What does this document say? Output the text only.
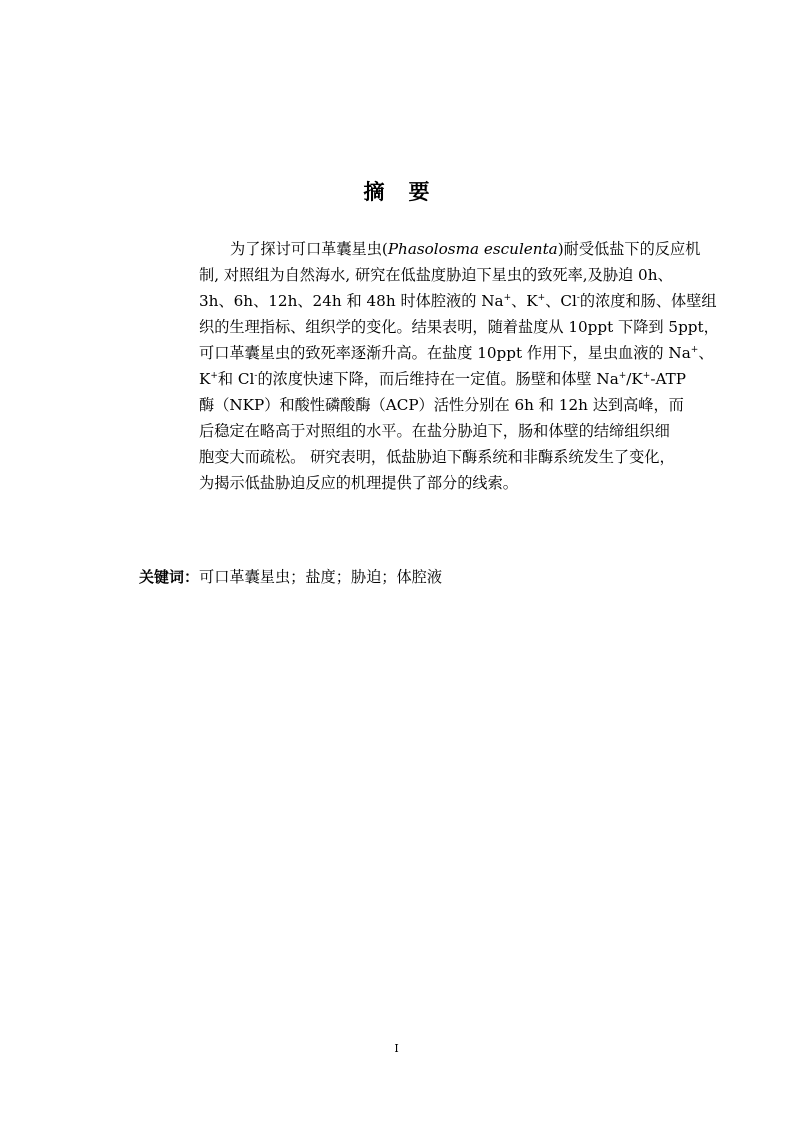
摘 要
为了探讨可口革囊星虫(Phasolosma esculenta)耐受低盐下的反应机
制, 对照组为自然海水, 研究在低盐度胁迫下星虫的致死率,及胁迫 0h、
3h、6h、12h、24h 和 48h 时体腔液的 Na+、K+、Cl-的浓度和肠、体壁组
织的生理指标、组织学的变化。结果表明，随着盐度从 10ppt 下降到 5ppt，
可口革囊星虫的致死率逐渐升高。在盐度 10ppt 作用下，星虫血液的 Na+、
K+和 Cl-的浓度快速下降，而后维持在一定值。肠壁和体壁 Na+/K+-ATP
酶（NKP）和酸性磷酸酶（ACP）活性分别在 6h 和 12h 达到高峰，而
后稳定在略高于对照组的水平。在盐分胁迫下，肠和体壁的结缔组织细
胞变大而疏松。 研究表明，低盐胁迫下酶系统和非酶系统发生了变化，
为揭示低盐胁迫反应的机理提供了部分的线索。
关键词：可口革囊星虫；盐度；胁迫；体腔液
I
